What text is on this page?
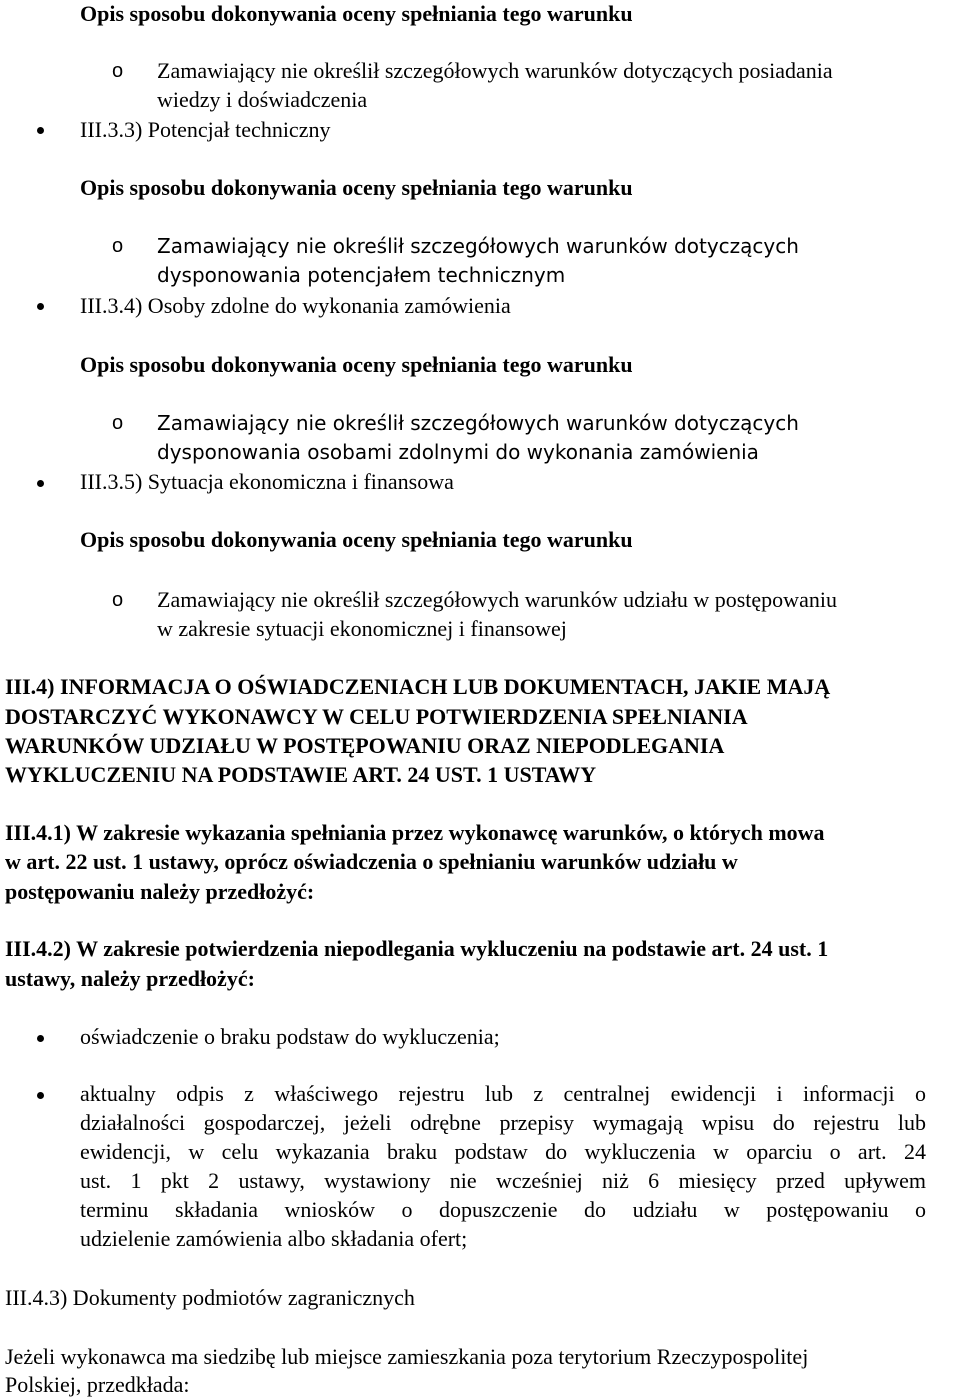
Opis sposobu dokonywania oceny spełniania tego warunku
o Zamawiający nie określił szczegółowych warunków dotyczących posiadania
wiedzy i doświadczenia
III.3.3) Potencjał techniczny
Opis sposobu dokonywania oceny spełniania tego warunku
o Zamawiający nie określił szczegółowych warunków dotyczących
dysponowania potencjałem technicznym
III.3.4) Osoby zdolne do wykonania zamówienia
Opis sposobu dokonywania oceny spełniania tego warunku
o Zamawiający nie określił szczegółowych warunków dotyczących
dysponowania osobami zdolnymi do wykonania zamówienia
III.3.5) Sytuacja ekonomiczna i finansowa
Opis sposobu dokonywania oceny spełniania tego warunku
o Zamawiający nie określił szczegółowych warunków udziału w postępowaniu
w zakresie sytuacji ekonomicznej i finansowej
III.4) INFORMACJA O OŚWIADCZENIACH LUB DOKUMENTACH, JAKIE MAJĄ
DOSTARCZYĆ WYKONAWCY W CELU POTWIERDZENIA SPEŁNIANIA
WARUNKÓW UDZIAŁU W POSTĘPOWANIU ORAZ NIEPODLEGANIA
WYKLUCZENIU NA PODSTAWIE ART. 24 UST. 1 USTAWY
III.4.1) W zakresie wykazania spełniania przez wykonawcę warunków, o których mowa
w art. 22 ust. 1 ustawy, oprócz oświadczenia o spełnianiu warunków udziału w
postępowaniu należy przedłożyć:
III.4.2) W zakresie potwierdzenia niepodlegania wykluczeniu na podstawie art. 24 ust. 1
ustawy, należy przedłożyć:
oświadczenie o braku podstaw do wykluczenia;
aktualny odpis z właściwego rejestru lub z centralnej ewidencji i informacji o
działalności gospodarczej, jeżeli odrębne przepisy wymagają wpisu do rejestru lub
ewidencji, w celu wykazania braku podstaw do wykluczenia w oparciu o art. 24
ust. 1 pkt 2 ustawy, wystawiony nie wcześniej niż 6 miesięcy przed upływem
terminu składania wniosków o dopuszczenie do udziału w postępowaniu o
udzielenie zamówienia albo składania ofert;
III.4.3) Dokumenty podmiotów zagranicznych
Jeżeli wykonawca ma siedzibę lub miejsce zamieszkania poza terytorium Rzeczypospolitej
Polskiej, przedkłada:
